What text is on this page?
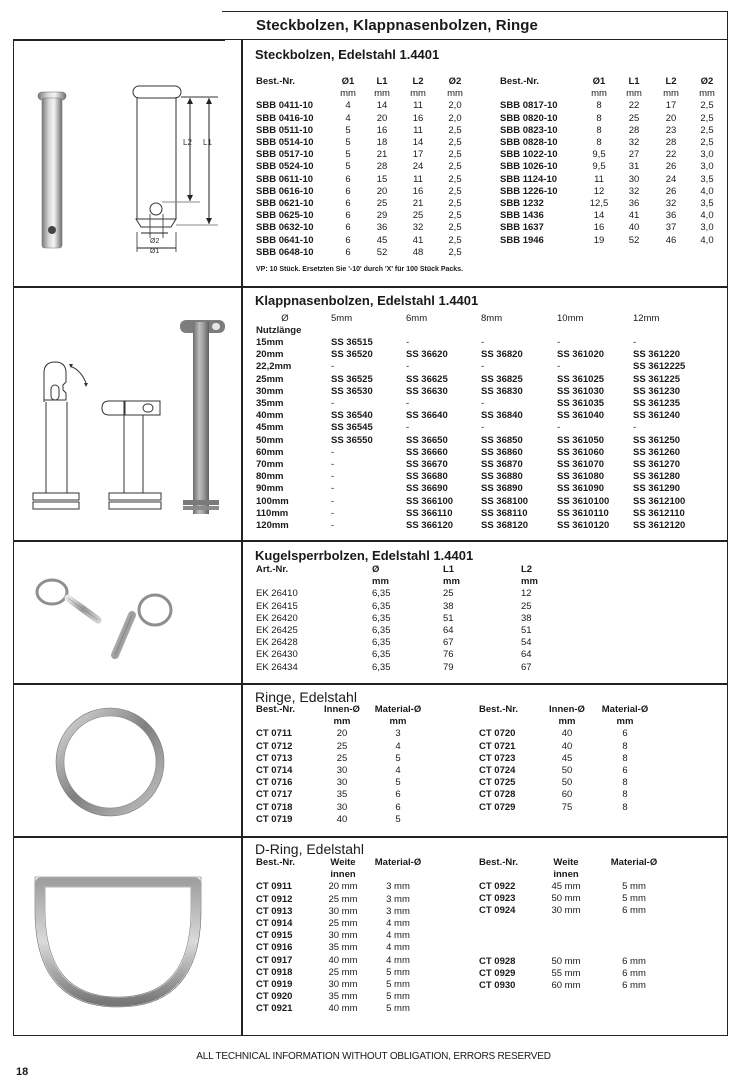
Steckbolzen, Klappnasenbolzen, Ringe
L2 L1
Ø2
Ø1
Steckbolzen, Edelstahl 1.4401
Best.-Nr.	Ø1	L1	L2	Ø2
mm	mm	mm	mm
SBB 0411-10	4	14	11	2,0
SBB 0416-10	4	20	16	2,0
SBB 0511-10	5	16	11	2,5
SBB 0514-10	5	18	14	2,5
SBB 0517-10	5	21	17	2,5
SBB 0524-10	5	28	24	2,5
SBB 0611-10	6	15	11	2,5
SBB 0616-10	6	20	16	2,5
SBB 0621-10	6	25	21	2,5
SBB 0625-10	6	29	25	2,5
SBB 0632-10	6	36	32	2,5
SBB 0641-10	6	45	41	2,5
SBB 0648-10	6	52	48	2,5
Best.-Nr.	Ø1	L1	L2	Ø2
mm	mm	mm	mm
SBB 0817-10	8	22	17	2,5
SBB 0820-10	8	25	20	2,5
SBB 0823-10	8	28	23	2,5
SBB 0828-10	8	32	28	2,5
SBB 1022-10	9,5	27	22	3,0
SBB 1026-10	9,5	31	26	3,0
SBB 1124-10	11	30	24	3,5
SBB 1226-10	12	32	26	4,0
SBB 1232	12,5	36	32	3,5
SBB 1436	14	41	36	4,0
SBB 1637	16	40	37	3,0
SBB 1946	19	52	46	4,0
VP: 10 Stück. Ersetzten Sie '-10' durch 'X' für 100 Stück Packs.
Klappnasenbolzen, Edelstahl 1.4401
Ø
Nutzlänge
5mm	6mm	8mm	10mm	12mm
15mm	SS 36515	-	-	-	-
20mm	SS 36520	SS 36620	SS 36820	SS 361020	SS 361220
22,2mm	-	-	-	-	SS 3612225
25mm	SS 36525	SS 36625	SS 36825	SS 361025	SS 361225
30mm	SS 36530	SS 36630	SS 36830	SS 361030	SS 361230
35mm	-	-	-	SS 361035	SS 361235
40mm	SS 36540	SS 36640	SS 36840	SS 361040	SS 361240
45mm	SS 36545	-	-	-	-
50mm	SS 36550	SS 36650	SS 36850	SS 361050	SS 361250
60mm	-	SS 36660	SS 36860	SS 361060	SS 361260
70mm	-	SS 36670	SS 36870	SS 361070	SS 361270
80mm	-	SS 36680	SS 36880	SS 361080	SS 361280
90mm	-	SS 36690	SS 36890	SS 361090	SS 361290
100mm	-	SS 366100	SS 368100	SS 3610100 SS 3612100
110mm	-	SS 366110	SS 368110	SS 3610110	SS 3612110
120mm	-	SS 366120	SS 368120	SS 3610120 SS 3612120
Kugelsperrbolzen, Edelstahl 1.4401
Art.-Nr.	Ø	L1	L2
mm	mm	mm
EK 26410	6,35	25	12
EK 26415	6,35	38	25
EK 26420	6,35	51	38
EK 26425	6,35	64	51
EK 26428	6,35	67	54
EK 26430	6,35	76	64
EK 26434	6,35	79	67
Ringe, Edelstahl
Best.-Nr.	Innen-Ø	Material-Ø
mm	mm
CT 0711	20	3
CT 0712	25	4
CT 0713	25	5
CT 0714	30	4
CT 0716	30	5
CT 0717	35	6
CT 0718	30	6
CT 0719	40	5
Best.-Nr.	Innen-Ø	Material-Ø
mm	mm
CT 0720	40	6
CT 0721	40	8
CT 0723	45	8
CT 0724	50	6
CT 0725	50	8
CT 0728	60	8
CT 0729	75	8
D-Ring, Edelstahl
Best.-Nr.	Weite	Material-Ø
innen
CT 0911	20 mm	3 mm
CT 0912	25 mm	3 mm
CT 0913	30 mm	3 mm
CT 0914	25 mm	4 mm
CT 0915	30 mm	4 mm
CT 0916	35 mm	4 mm
CT 0917	40 mm	4 mm
CT 0918	25 mm	5 mm
CT 0919	30 mm	5 mm
CT 0920	35 mm	5 mm
CT 0921	40 mm	5 mm
Best.-Nr.	Weite	Material-Ø
innen
CT 0922	45 mm	5 mm
CT 0923	50 mm	5 mm
CT 0924	30 mm	6 mm
CT 0928	50 mm	6 mm
CT 0929	55 mm	6 mm
CT 0930	60 mm	6 mm
ALL TECHNICAL INFORMATION WITHOUT OBLIGATION, ERRORS RESERVED
18
